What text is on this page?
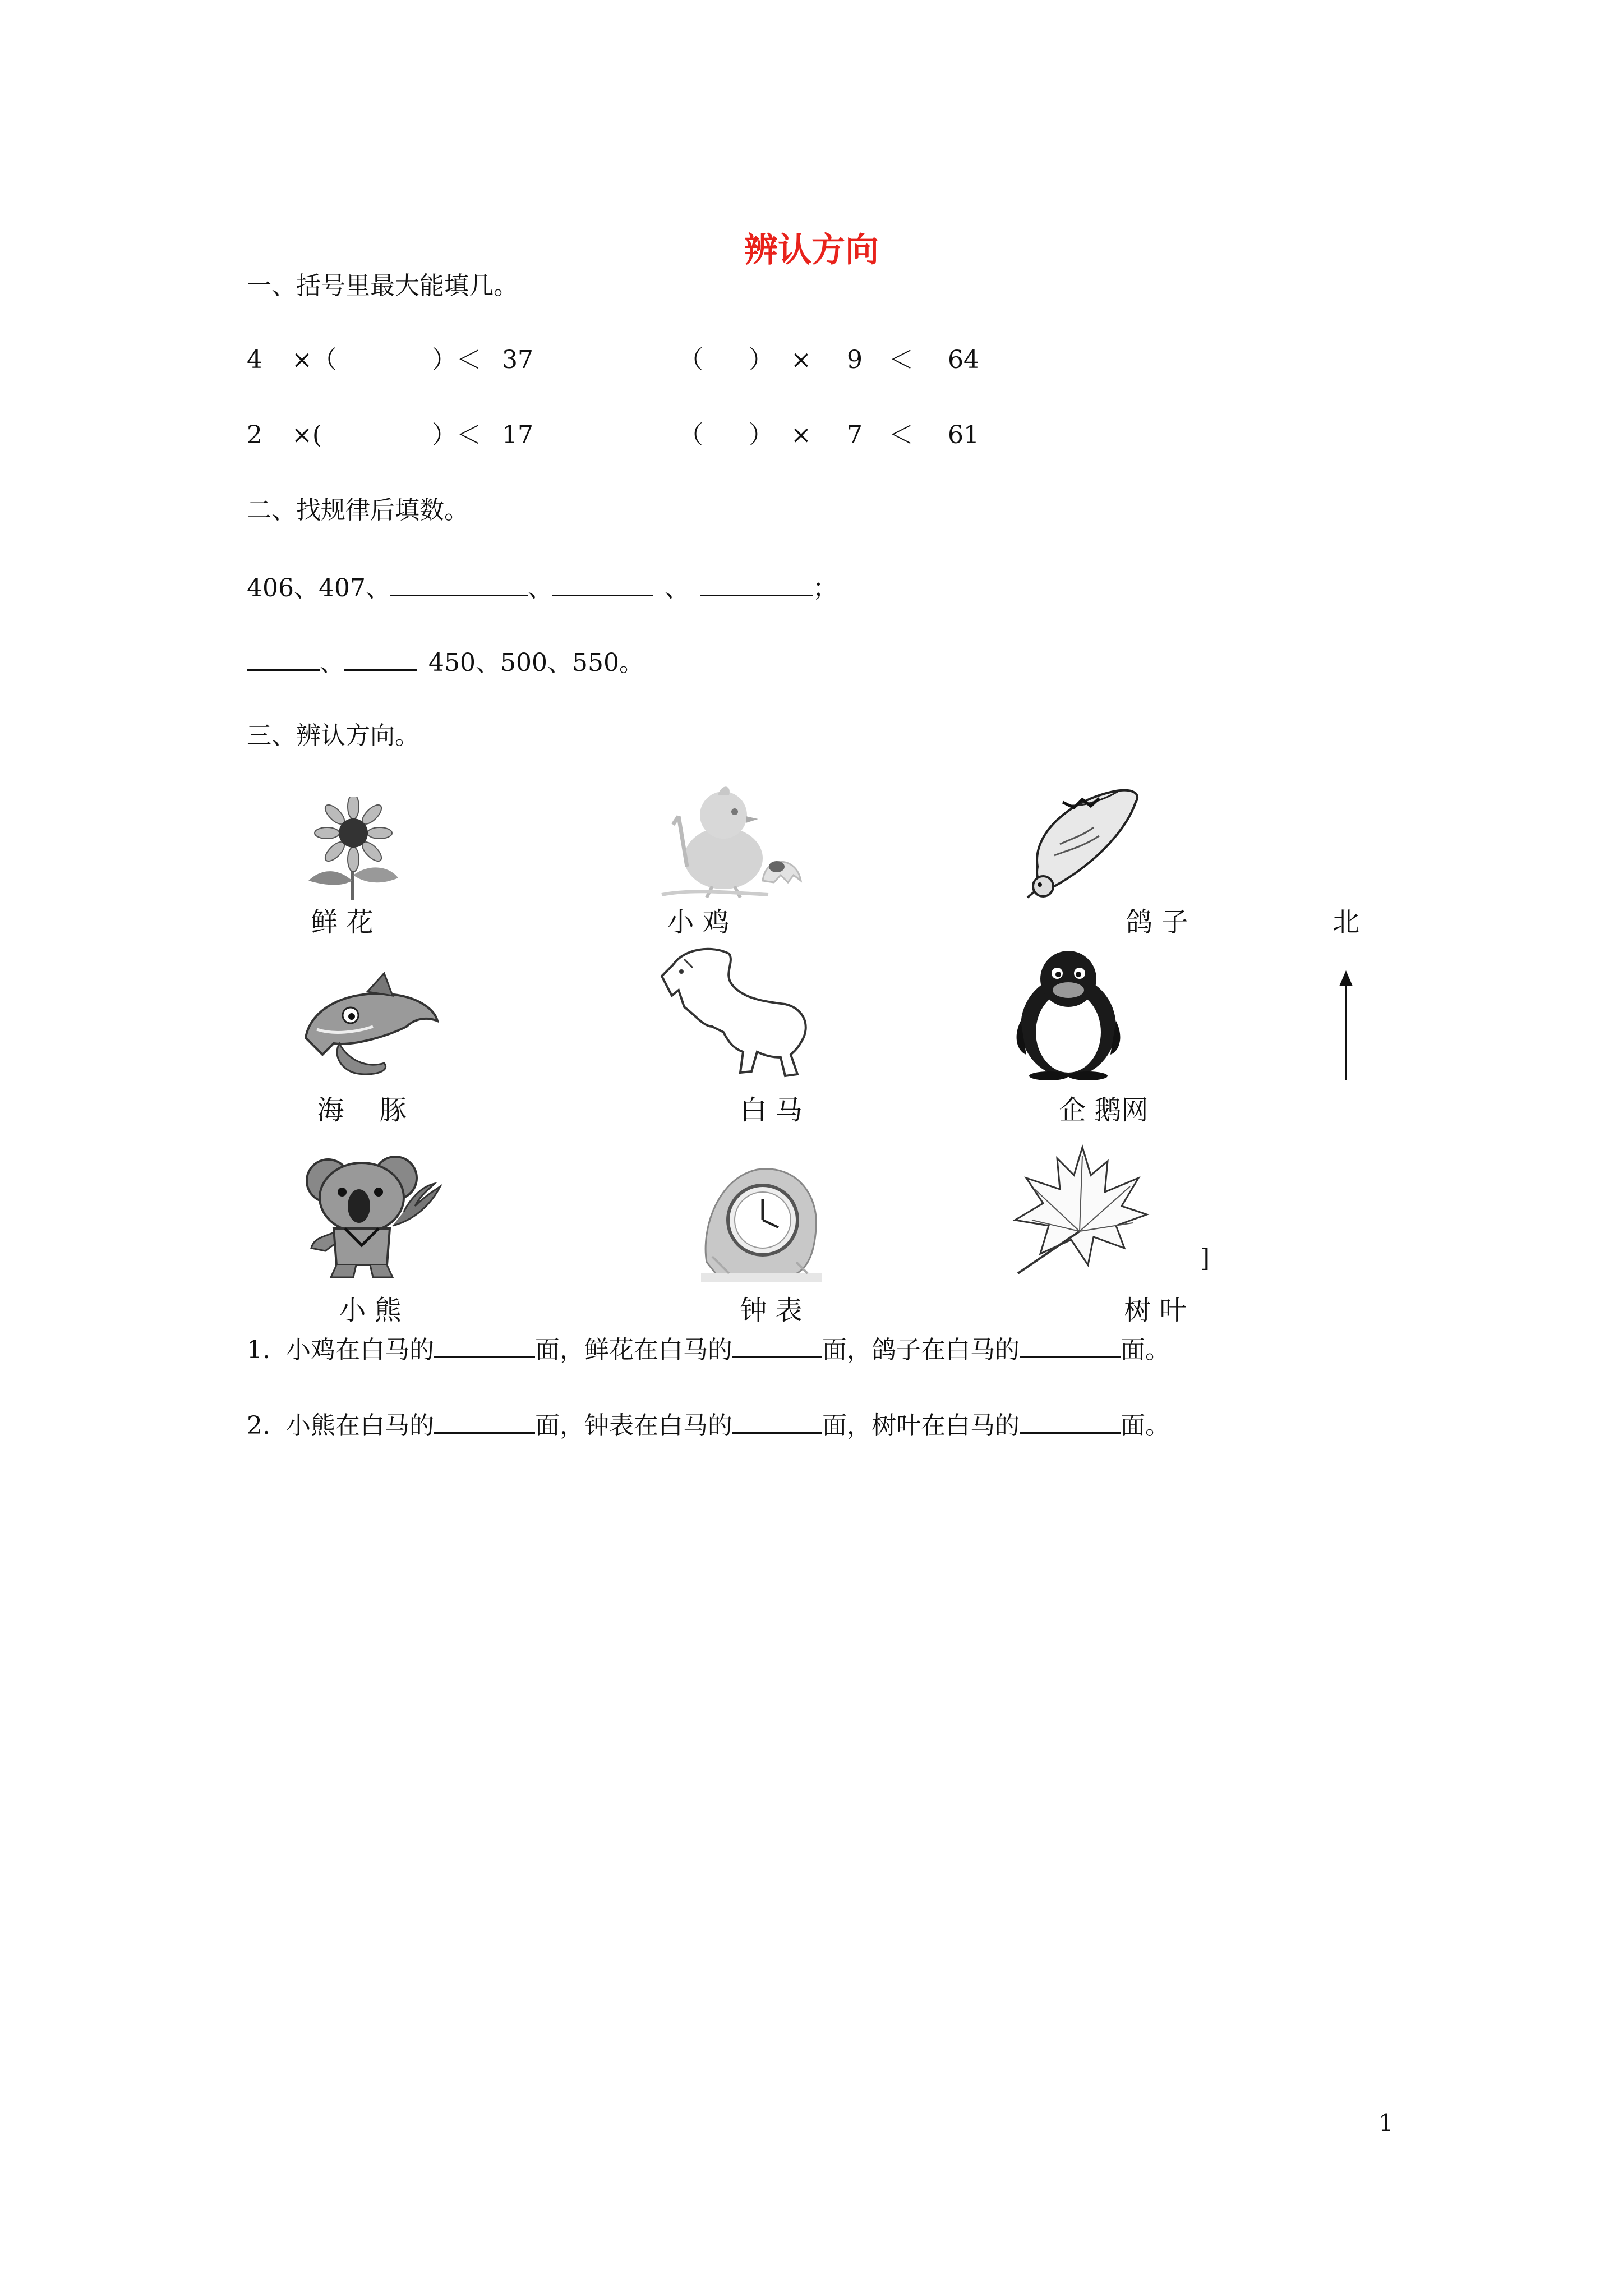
辨认方向
一、括号里最大能填几。
4 ×（	）＜ 37	（ ） × 9 ＜ 64
2 ×(	）＜ 17	（ ） × 7 ＜ 61
二、找规律后填数。
406、407、	、	、	；
、	450、500、550。
三、辨认方向。
鲜 花	小 鸡	鸽 子	北
海　 豚	白 马	企 鹅网
]
小 熊	钟 表	树 叶
1. 小鸡在白马的	面，鲜花在白马的	面，鸽子在白马的	面。
2. 小熊在白马的	面，钟表在白马的	面，树叶在白马的	面。
1
